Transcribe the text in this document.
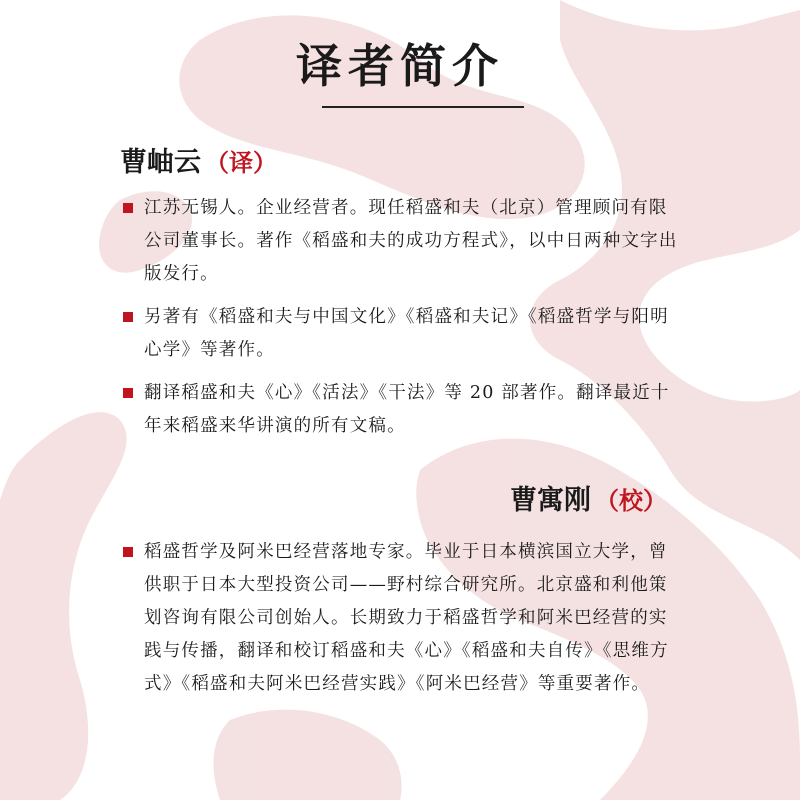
译者简介
曹岫云 （译）
江苏无锡人。企业经营者。现任稻盛和夫（北京）管理顾问有限公司董事长。著作《稻盛和夫的成功方程式》，以中日两种文字出版发行。
另著有《稻盛和夫与中国文化》《稻盛和夫记》《稻盛哲学与阳明心学》等著作。
翻译稻盛和夫《心》《活法》《干法》等 20 部著作。翻译最近十年来稻盛来华讲演的所有文稿。
曹寓刚 （校）
稻盛哲学及阿米巴经营落地专家。毕业于日本横滨国立大学，曾供职于日本大型投资公司——野村综合研究所。北京盛和利他策划咨询有限公司创始人。长期致力于稻盛哲学和阿米巴经营的实践与传播，翻译和校订稻盛和夫《心》《稻盛和夫自传》《思维方式》《稻盛和夫阿米巴经营实践》《阿米巴经营》等重要著作。
